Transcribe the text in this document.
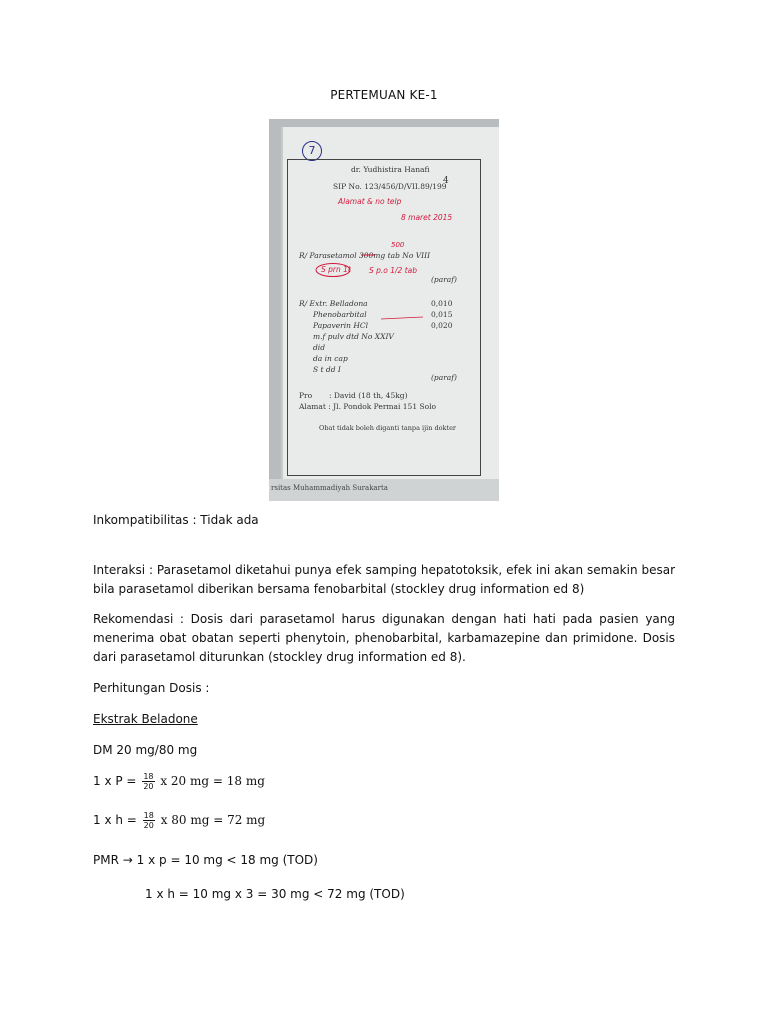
PERTEMUAN KE-1
7
dr. Yudhistira Hanafi
SIP No. 123/456/D/VII.89/199
4
Alamat & no telp
8 maret 2015
500
R/ Parasetamol 300mg tab No VIII
S prn 1t S p.o 1/2 tab
(paraf)
R/ Extr. Belladona	0,010
Phenobarbital	0,015
Papaverin HCl	0,020
m.f pulv dtd No XXIV
did
da in cap
S t dd I
(paraf)
Pro : David (18 th, 45kg)
Alamat : Jl. Pondok Permai 151 Solo
Obat tidak boleh diganti tanpa ijin dokter
rsitas Muhammadiyah Surakarta
Inkompatibilitas : Tidak ada
Interaksi : Parasetamol diketahui punya efek samping hepatotoksik, efek ini akan semakin besar bila parasetamol diberikan bersama fenobarbital (stockley drug information ed 8)
Rekomendasi : Dosis dari parasetamol harus digunakan dengan hati hati pada pasien yang menerima obat obatan seperti phenytoin, phenobarbital, karbamazepine dan primidone. Dosis dari parasetamol diturunkan (stockley drug information ed 8).
Perhitungan Dosis :
Ekstrak Beladone
DM 20 mg/80 mg
1 x $P = \frac{18}{20}$ x 20 mg = 18 mg
1 x $h = \frac{18}{20}$ x 80 mg = 72 mg
PMR → 1 x p = 10 mg < 18 mg (TOD)
1 x h = 10 mg x 3 = 30 mg < 72 mg (TOD)
